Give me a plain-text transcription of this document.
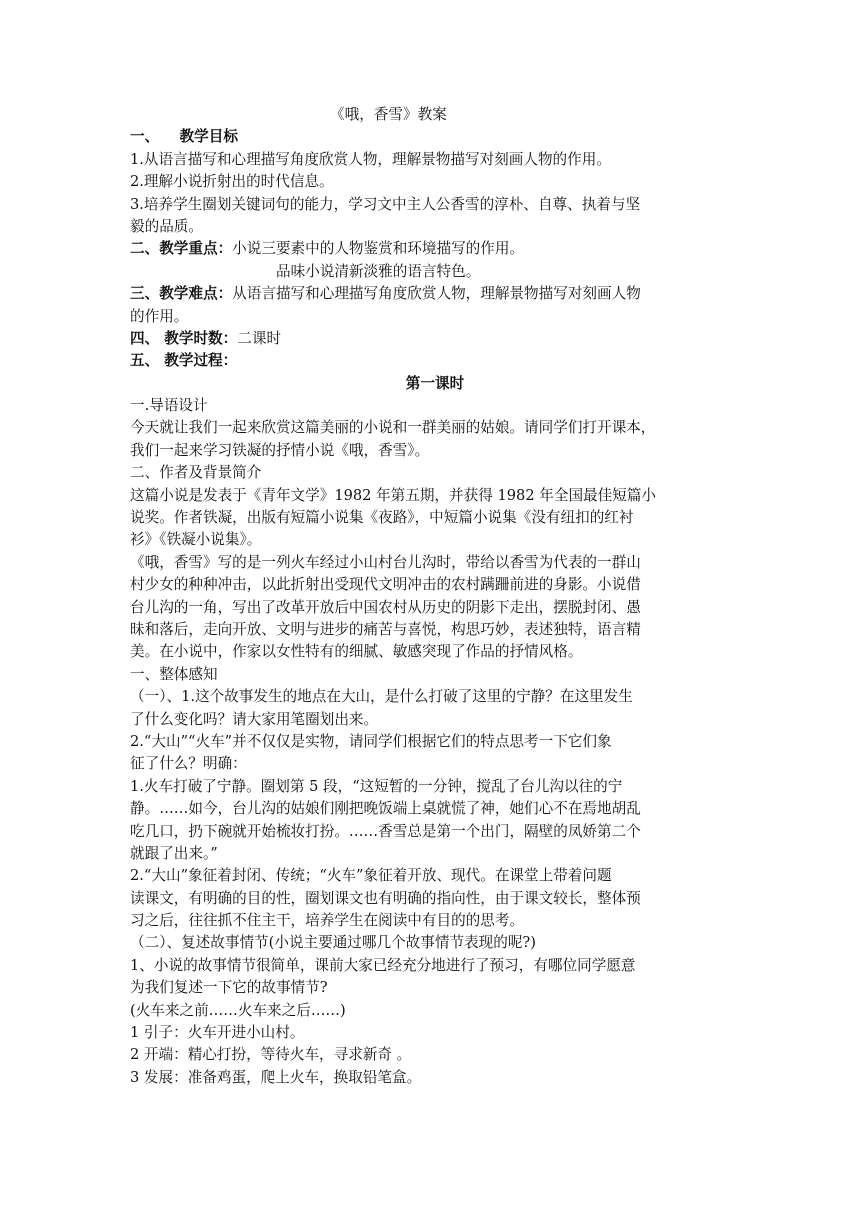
《哦，香雪》教案
一、 教学目标
1.从语言描写和心理描写角度欣赏人物，理解景物描写对刻画人物的作用。
2.理解小说折射出的时代信息。
3.培养学生圈划关键词句的能力，学习文中主人公香雪的淳朴、自尊、执着与坚
毅的品质。
二、教学重点：小说三要素中的人物鉴赏和环境描写的作用。
品味小说清新淡雅的语言特色。
三、教学难点：从语言描写和心理描写角度欣赏人物，理解景物描写对刻画人物
的作用。
四、 教学时数：二课时
五、 教学过程：
第一课时
一.导语设计
今天就让我们一起来欣赏这篇美丽的小说和一群美丽的姑娘。请同学们打开课本，
我们一起来学习铁凝的抒情小说《哦，香雪》。
二、作者及背景简介
这篇小说是发表于《青年文学》1982 年第五期，并获得 1982 年全国最佳短篇小
说奖。作者铁凝，出版有短篇小说集《夜路》，中短篇小说集《没有纽扣的红衬
衫》《铁凝小说集》。
《哦，香雪》写的是一列火车经过小山村台儿沟时，带给以香雪为代表的一群山
村少女的种种冲击，以此折射出受现代文明冲击的农村蹒跚前进的身影。小说借
台儿沟的一角，写出了改革开放后中国农村从历史的阴影下走出，摆脱封闭、愚
昧和落后，走向开放、文明与进步的痛苦与喜悦，构思巧妙，表述独特，语言精
美。在小说中，作家以女性特有的细腻、敏感突现了作品的抒情风格。
一、整体感知
（一）、1.这个故事发生的地点在大山，是什么打破了这里的宁静？在这里发生
了什么变化吗？请大家用笔圈划出来。
2.“大山”“火车”并不仅仅是实物，请同学们根据它们的特点思考一下它们象
征了什么？明确：
1.火车打破了宁静。圈划第 5 段，“这短暂的一分钟，搅乱了台儿沟以往的宁
静。……如今，台儿沟的姑娘们刚把晚饭端上桌就慌了神，她们心不在焉地胡乱
吃几口，扔下碗就开始梳妆打扮。……香雪总是第一个出门，隔壁的凤娇第二个
就跟了出来。”
2.“大山”象征着封闭、传统；“火车”象征着开放、现代。在课堂上带着问题
读课文，有明确的目的性，圈划课文也有明确的指向性，由于课文较长，整体预
习之后，往往抓不住主干，培养学生在阅读中有目的的思考。
（二）、复述故事情节(小说主要通过哪几个故事情节表现的呢?)
1、小说的故事情节很简单，课前大家已经充分地进行了预习，有哪位同学愿意
为我们复述一下它的故事情节?
(火车来之前……火车来之后……)
1 引子：火车开进小山村。
2 开端：精心打扮，等待火车，寻求新奇 。
3 发展：准备鸡蛋，爬上火车，换取铅笔盒。
